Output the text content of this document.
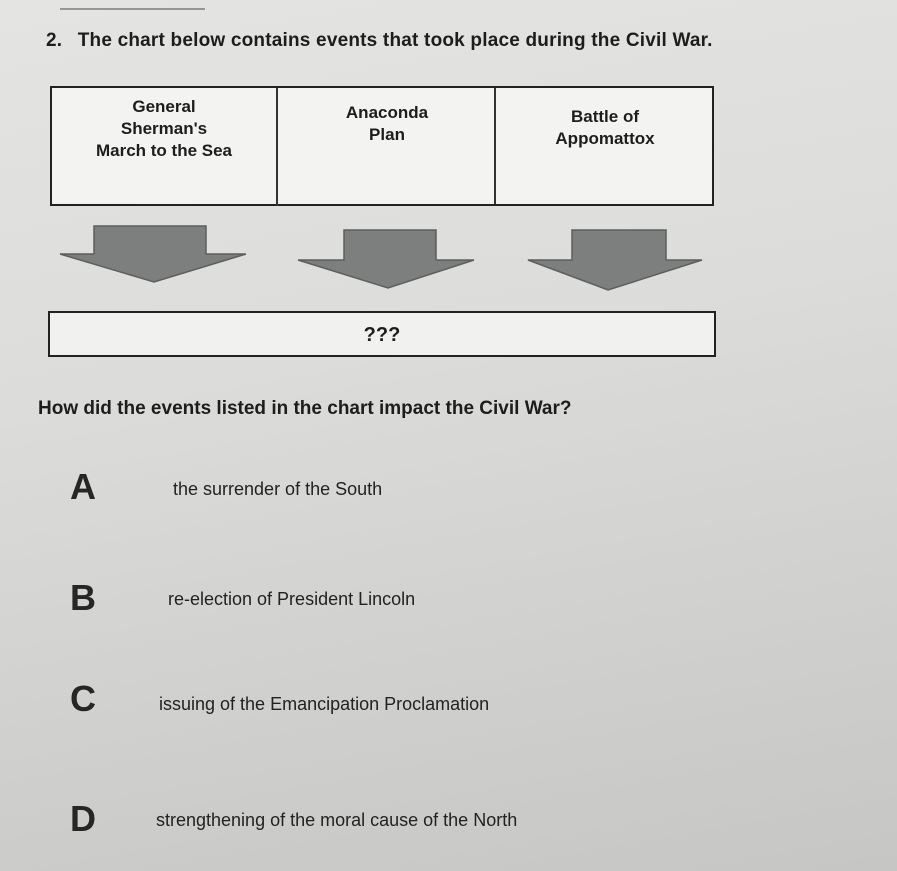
2. The chart below contains events that took place during the Civil War.
General
Sherman's
March to the Sea
Anaconda
Plan
Battle of
Appomattox
???
How did the events listed in the chart impact the Civil War?
A	the surrender of the South
B	re-election of President Lincoln
C	issuing of the Emancipation Proclamation
D	strengthening of the moral cause of the North
